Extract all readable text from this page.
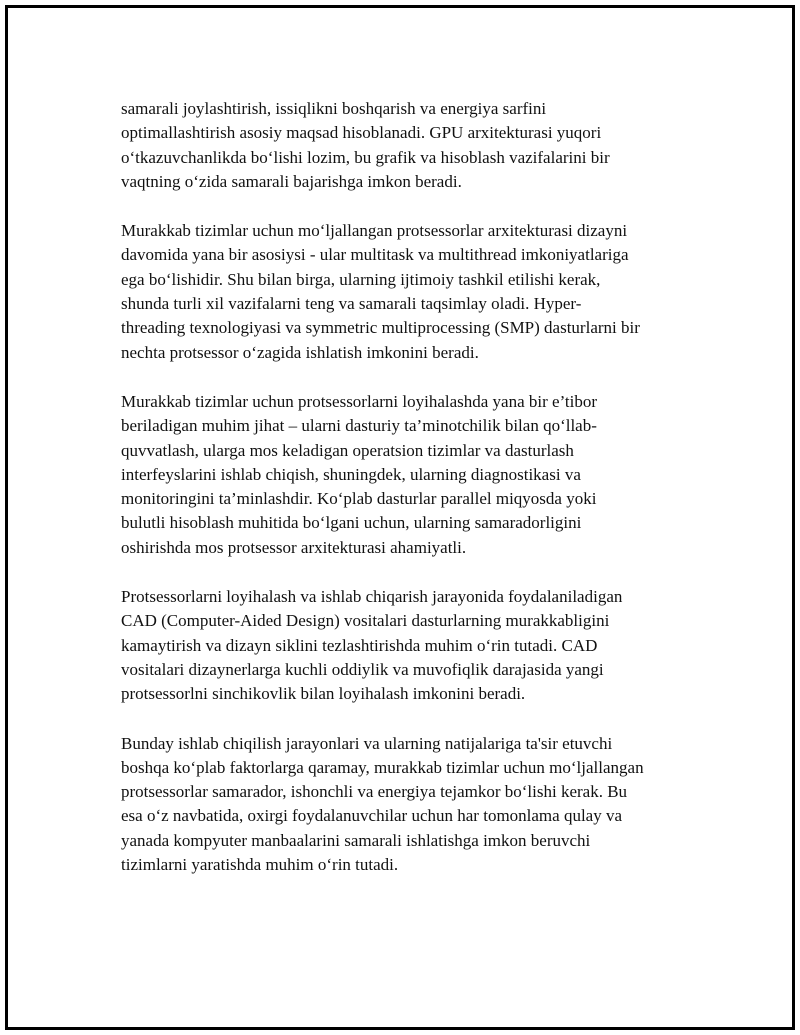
samarali joylashtirish, issiqlikni boshqarish va energiya sarfini
optimallashtirish asosiy maqsad hisoblanadi. GPU arxitekturasi yuqori
o‘tkazuvchanlikda bo‘lishi lozim, bu grafik va hisoblash vazifalarini bir
vaqtning o‘zida samarali bajarishga imkon beradi.

Murakkab tizimlar uchun mo‘ljallangan protsessorlar arxitekturasi dizayni
davomida yana bir asosiysi - ular multitask va multithread imkoniyatlariga
ega bo‘lishidir. Shu bilan birga, ularning ijtimoiy tashkil etilishi kerak,
shunda turli xil vazifalarni teng va samarali taqsimlay oladi. Hyper-
threading texnologiyasi va symmetric multiprocessing (SMP) dasturlarni bir
nechta protsessor o‘zagida ishlatish imkonini beradi.

Murakkab tizimlar uchun protsessorlarni loyihalashda yana bir e’tibor
beriladigan muhim jihat – ularni dasturiy ta’minotchilik bilan qo‘llab-
quvvatlash, ularga mos keladigan operatsion tizimlar va dasturlash
interfeyslarini ishlab chiqish, shuningdek, ularning diagnostikasi va
monitoringini ta’minlashdir. Ko‘plab dasturlar parallel miqyosda yoki
bulutli hisoblash muhitida bo‘lgani uchun, ularning samaradorligini
oshirishda mos protsessor arxitekturasi ahamiyatli.

Protsessorlarni loyihalash va ishlab chiqarish jarayonida foydalaniladigan
CAD (Computer-Aided Design) vositalari dasturlarning murakkabligini
kamaytirish va dizayn siklini tezlashtirishda muhim o‘rin tutadi. CAD
vositalari dizaynerlarga kuchli oddiylik va muvofiqlik darajasida yangi
protsessorlni sinchikovlik bilan loyihalash imkonini beradi.

Bunday ishlab chiqilish jarayonlari va ularning natijalariga ta'sir etuvchi
boshqa ko‘plab faktorlarga qaramay, murakkab tizimlar uchun mo‘ljallangan
protsessorlar samarador, ishonchli va energiya tejamkor bo‘lishi kerak. Bu
esa o‘z navbatida, oxirgi foydalanuvchilar uchun har tomonlama qulay va
yanada kompyuter manbaalarini samarali ishlatishga imkon beruvchi
tizimlarni yaratishda muhim o‘rin tutadi.
